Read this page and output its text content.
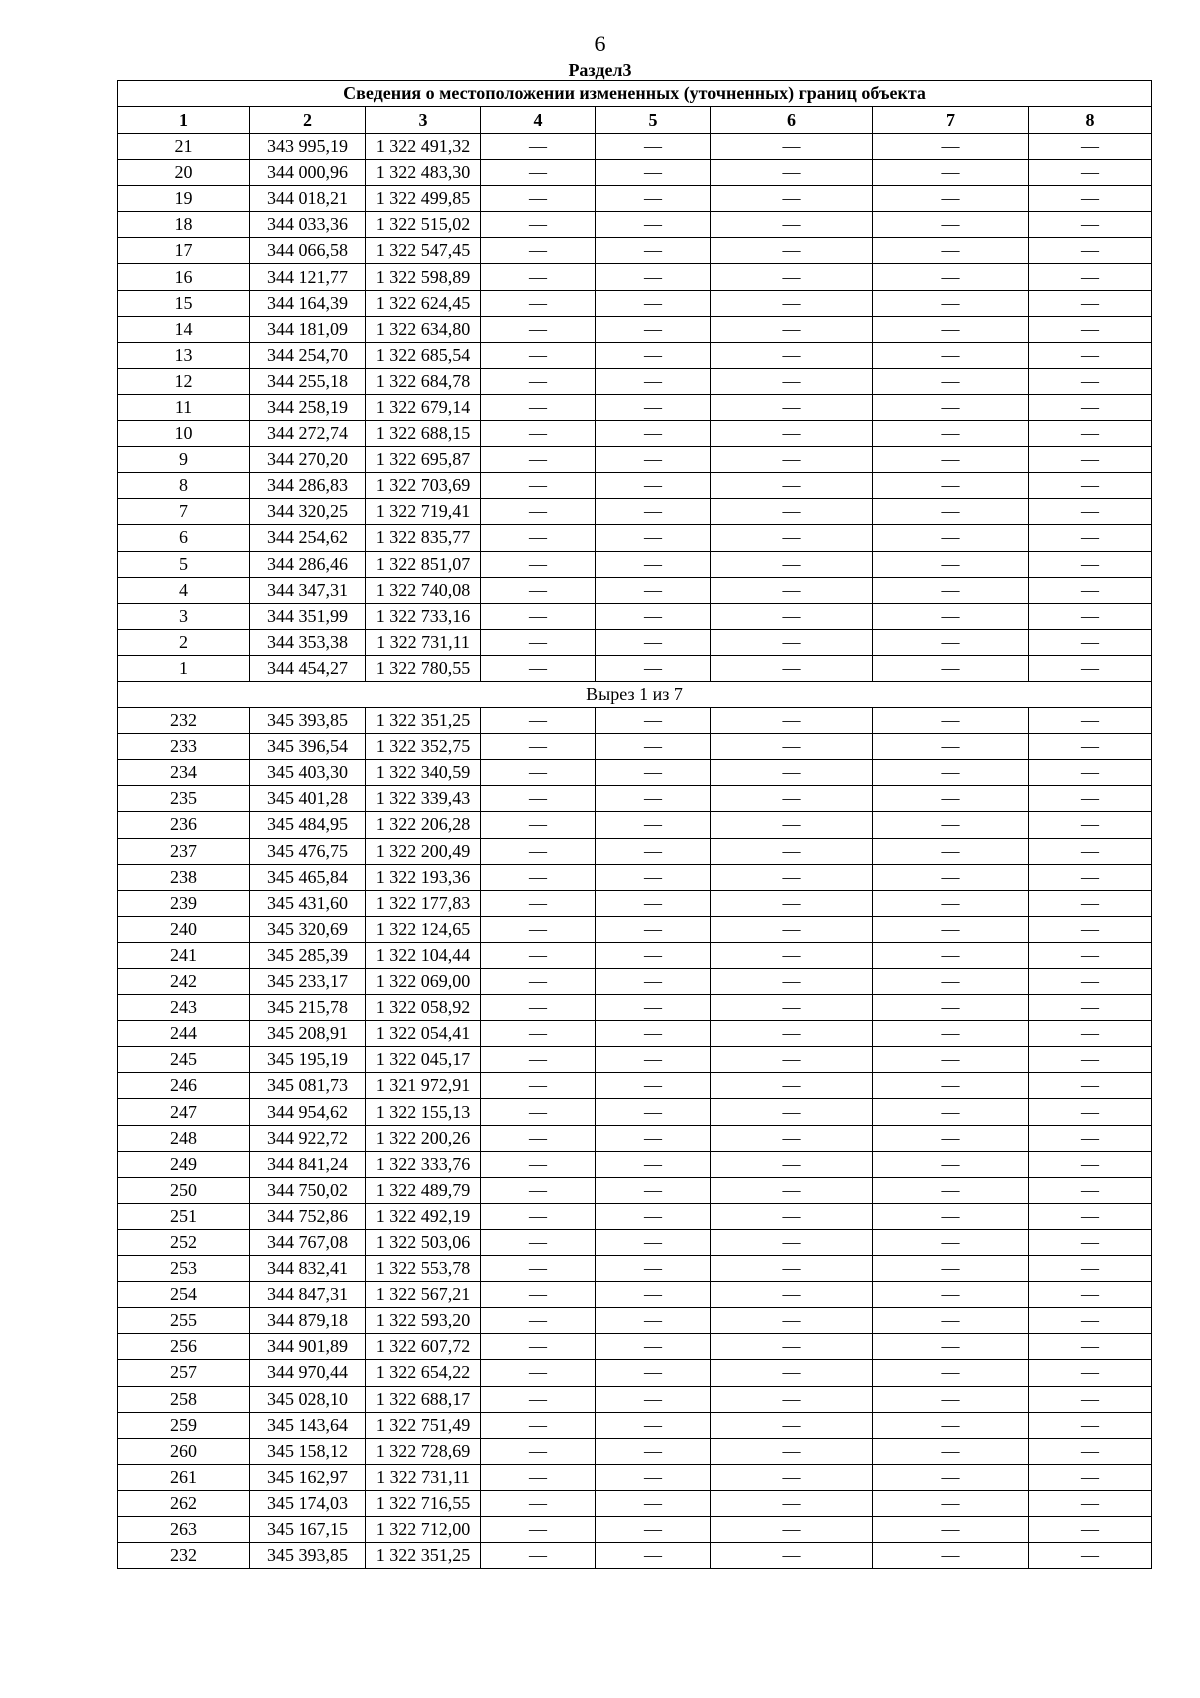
6
Раздел3
Сведения о местоположении измененных (уточненных) границ объекта							
1	2	3	4	5	6	7	8
21	343 995,19	1 322 491,32	—	—	—	—	—
20	344 000,96	1 322 483,30	—	—	—	—	—
19	344 018,21	1 322 499,85	—	—	—	—	—
18	344 033,36	1 322 515,02	—	—	—	—	—
17	344 066,58	1 322 547,45	—	—	—	—	—
16	344 121,77	1 322 598,89	—	—	—	—	—
15	344 164,39	1 322 624,45	—	—	—	—	—
14	344 181,09	1 322 634,80	—	—	—	—	—
13	344 254,70	1 322 685,54	—	—	—	—	—
12	344 255,18	1 322 684,78	—	—	—	—	—
11	344 258,19	1 322 679,14	—	—	—	—	—
10	344 272,74	1 322 688,15	—	—	—	—	—
9	344 270,20	1 322 695,87	—	—	—	—	—
8	344 286,83	1 322 703,69	—	—	—	—	—
7	344 320,25	1 322 719,41	—	—	—	—	—
6	344 254,62	1 322 835,77	—	—	—	—	—
5	344 286,46	1 322 851,07	—	—	—	—	—
4	344 347,31	1 322 740,08	—	—	—	—	—
3	344 351,99	1 322 733,16	—	—	—	—	—
2	344 353,38	1 322 731,11	—	—	—	—	—
1	344 454,27	1 322 780,55	—	—	—	—	—
Вырез 1 из 7							
232	345 393,85	1 322 351,25	—	—	—	—	—
233	345 396,54	1 322 352,75	—	—	—	—	—
234	345 403,30	1 322 340,59	—	—	—	—	—
235	345 401,28	1 322 339,43	—	—	—	—	—
236	345 484,95	1 322 206,28	—	—	—	—	—
237	345 476,75	1 322 200,49	—	—	—	—	—
238	345 465,84	1 322 193,36	—	—	—	—	—
239	345 431,60	1 322 177,83	—	—	—	—	—
240	345 320,69	1 322 124,65	—	—	—	—	—
241	345 285,39	1 322 104,44	—	—	—	—	—
242	345 233,17	1 322 069,00	—	—	—	—	—
243	345 215,78	1 322 058,92	—	—	—	—	—
244	345 208,91	1 322 054,41	—	—	—	—	—
245	345 195,19	1 322 045,17	—	—	—	—	—
246	345 081,73	1 321 972,91	—	—	—	—	—
247	344 954,62	1 322 155,13	—	—	—	—	—
248	344 922,72	1 322 200,26	—	—	—	—	—
249	344 841,24	1 322 333,76	—	—	—	—	—
250	344 750,02	1 322 489,79	—	—	—	—	—
251	344 752,86	1 322 492,19	—	—	—	—	—
252	344 767,08	1 322 503,06	—	—	—	—	—
253	344 832,41	1 322 553,78	—	—	—	—	—
254	344 847,31	1 322 567,21	—	—	—	—	—
255	344 879,18	1 322 593,20	—	—	—	—	—
256	344 901,89	1 322 607,72	—	—	—	—	—
257	344 970,44	1 322 654,22	—	—	—	—	—
258	345 028,10	1 322 688,17	—	—	—	—	—
259	345 143,64	1 322 751,49	—	—	—	—	—
260	345 158,12	1 322 728,69	—	—	—	—	—
261	345 162,97	1 322 731,11	—	—	—	—	—
262	345 174,03	1 322 716,55	—	—	—	—	—
263	345 167,15	1 322 712,00	—	—	—	—	—
232	345 393,85	1 322 351,25	—	—	—	—	—
